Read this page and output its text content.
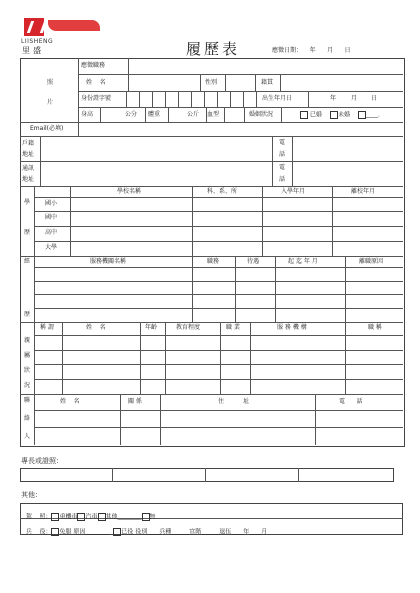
LIISHENG
里盛	履歷表	應徵日期：    年      月      日
照
片
應徵職務
姓    名	性別	籍貫
身份證字號	出生年月日	年 月 日
身高	公分 體重	公斤 血型	婚姻狀況	已婚	未婚	____.
Email(必填)
戶籍
地址
電
話
通訊
地址
電
話
學
歷
學校名稱	科、系、所	入學年月	離校年月
國小
國中
高中
大學
經
歷
服務機關名稱	職務	待遇	起 迄 年 月	離職原因
親
屬
狀
況
稱 謂	姓    名	年齡	教育程度	職 業	服 務 機 構	職 稱
聯
絡
人
姓    名	關 係	住          址	電      話
專長或證照：
其他：

駕    照： 重機車 汽車 其他________ 無

兵    役： 免服 原因________ 已役 役別____兵種______官階______退伍____年____月
